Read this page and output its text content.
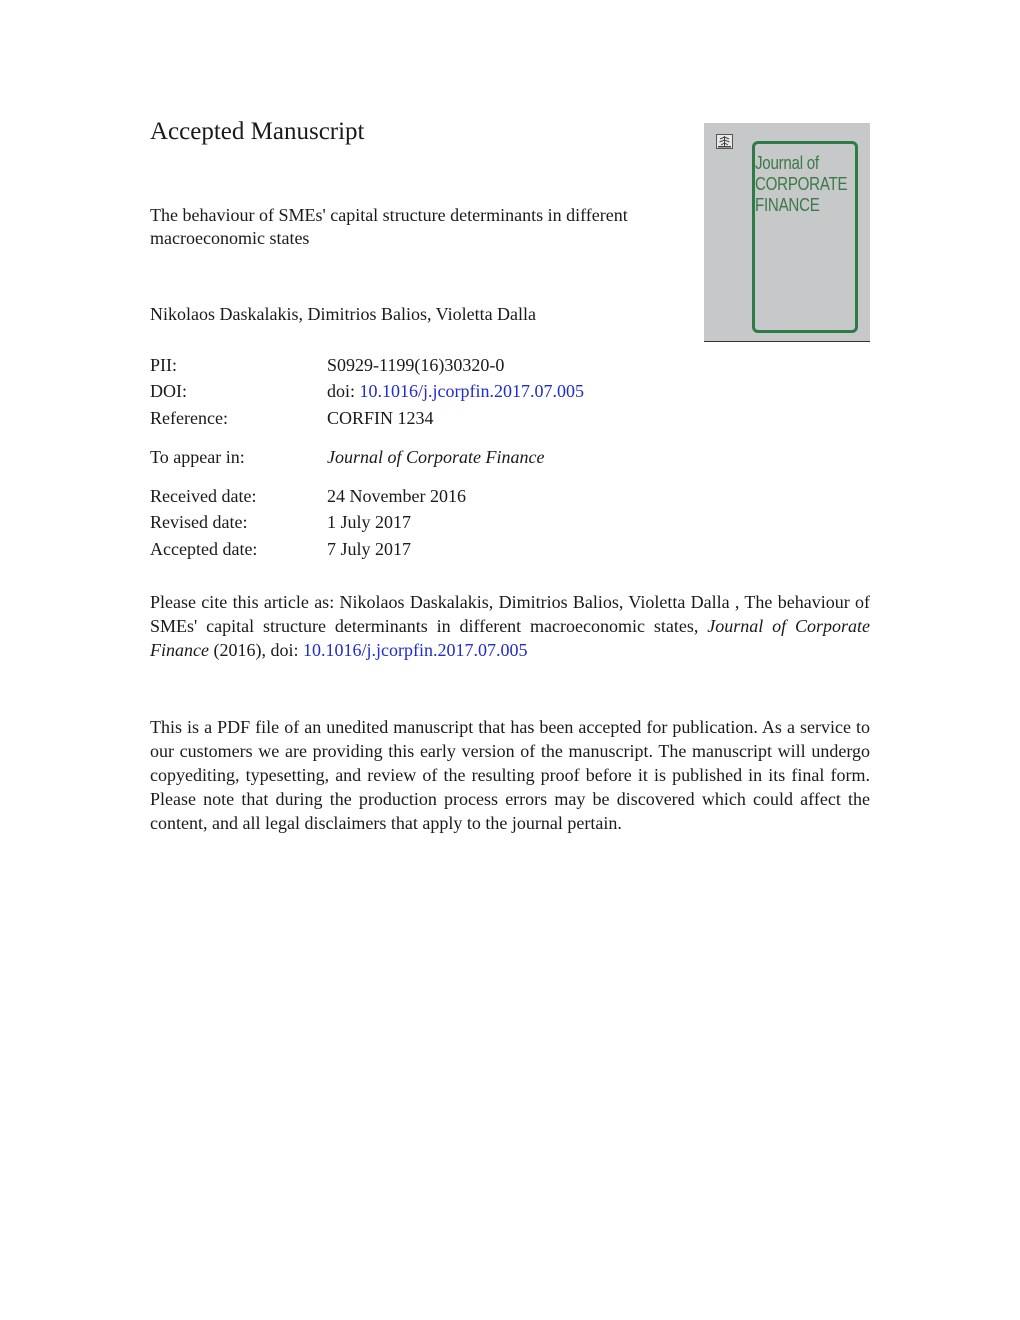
Accepted Manuscript
The behaviour of SMEs' capital structure determinants in different macroeconomic states
Nikolaos Daskalakis, Dimitrios Balios, Violetta Dalla
Journal of
CORPORATE
FINANCE
PII:	S0929-1199(16)30320-0
DOI:	doi: 10.1016/j.jcorpfin.2017.07.005
Reference:	CORFIN 1234
To appear in:	Journal of Corporate Finance
Received date:	24 November 2016
Revised date:	1 July 2017
Accepted date:	7 July 2017

Please cite this article as: Nikolaos Daskalakis, Dimitrios Balios, Violetta Dalla , The behaviour of SMEs' capital structure determinants in different macroeconomic states, Journal of Corporate Finance (2016), doi: 10.1016/j.jcorpfin.2017.07.005

This is a PDF file of an unedited manuscript that has been accepted for publication. As a service to our customers we are providing this early version of the manuscript. The manuscript will undergo copyediting, typesetting, and review of the resulting proof before it is published in its final form. Please note that during the production process errors may be discovered which could affect the content, and all legal disclaimers that apply to the journal pertain.
